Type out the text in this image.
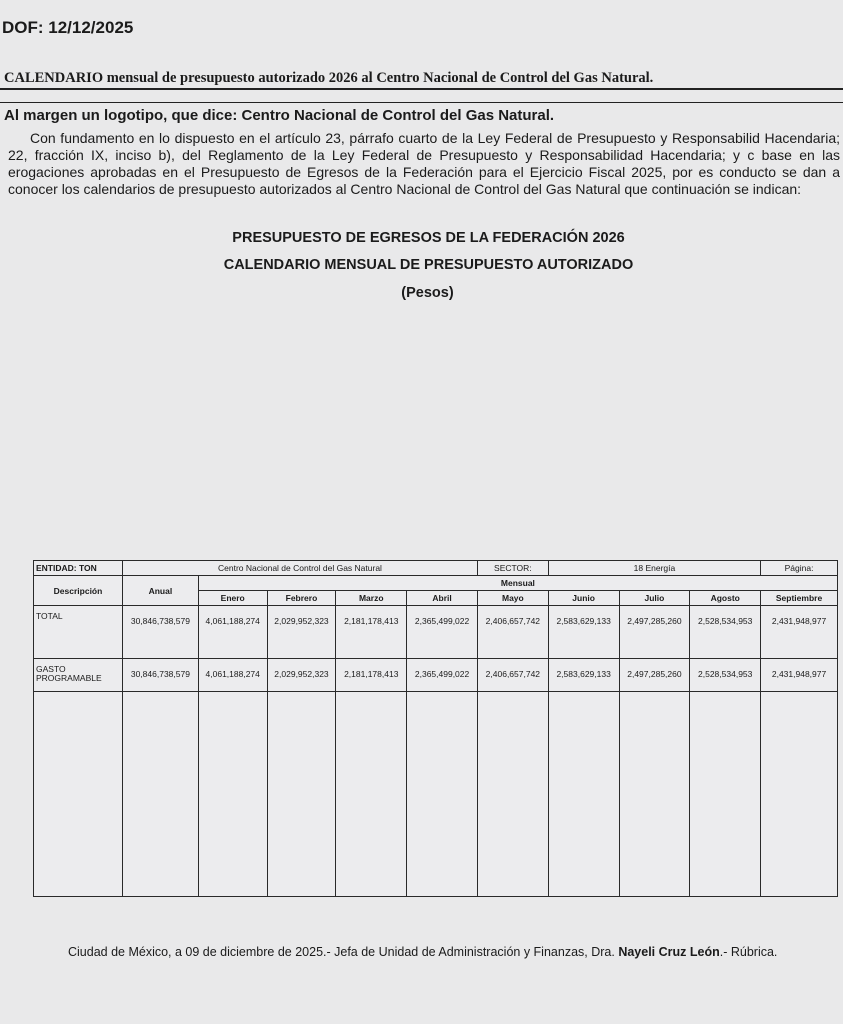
DOF: 12/12/2025
CALENDARIO mensual de presupuesto autorizado 2026 al Centro Nacional de Control del Gas Natural.
Al margen un logotipo, que dice: Centro Nacional de Control del Gas Natural.
Con fundamento en lo dispuesto en el artículo 23, párrafo cuarto de la Ley Federal de Presupuesto y Responsabilid Hacendaria; 22, fracción IX, inciso b), del Reglamento de la Ley Federal de Presupuesto y Responsabilidad Hacendaria; y c base en las erogaciones aprobadas en el Presupuesto de Egresos de la Federación para el Ejercicio Fiscal 2025, por es conducto se dan a conocer los calendarios de presupuesto autorizados al Centro Nacional de Control del Gas Natural que continuación se indican:
PRESUPUESTO DE EGRESOS DE LA FEDERACIÓN 2026
CALENDARIO MENSUAL DE PRESUPUESTO AUTORIZADO
(Pesos)
ENTIDAD: TON	Centro Nacional de Control del Gas Natural					SECTOR:	18 Energía			Página:
Descripción	Anual	Mensual								
		Enero	Febrero	Marzo	Abril	Mayo	Junio	Julio	Agosto	Septiembre
TOTAL	30,846,738,579	4,061,188,274	2,029,952,323	2,181,178,413	2,365,499,022	2,406,657,742	2,583,629,133	2,497,285,260	2,528,534,953	2,431,948,977
GASTO PROGRAMABLE	30,846,738,579	4,061,188,274	2,029,952,323	2,181,178,413	2,365,499,022	2,406,657,742	2,583,629,133	2,497,285,260	2,528,534,953	2,431,948,977

Ciudad de México, a 09 de diciembre de 2025.- Jefa de Unidad de Administración y Finanzas, Dra. Nayeli Cruz León.- Rúbrica.
